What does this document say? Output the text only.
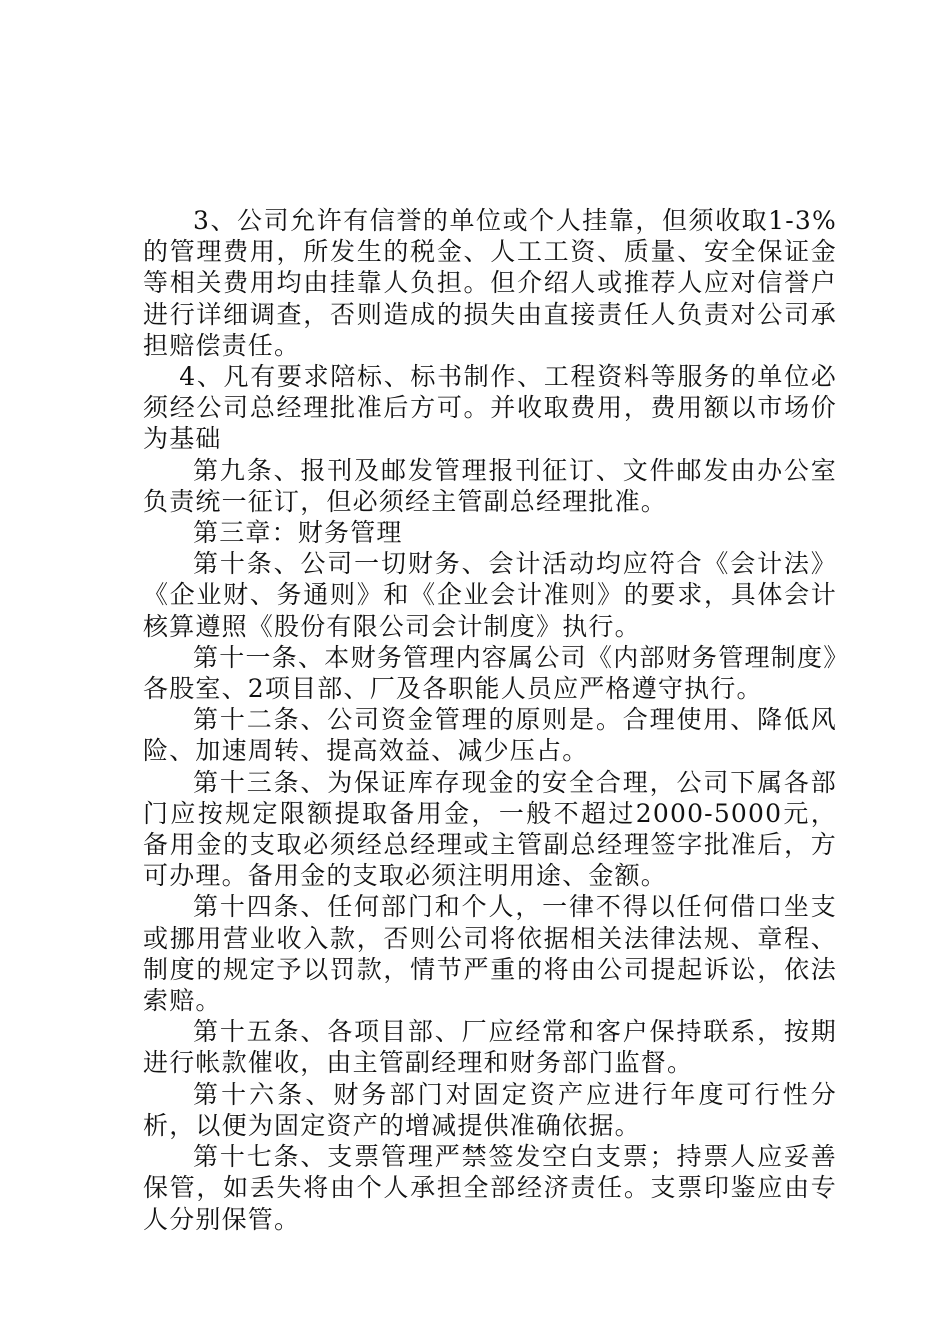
3、公司允许有信誉的单位或个人挂靠，但须收取1-3%的管理费用，所发生的税金、人工工资、质量、安全保证金等相关费用均由挂靠人负担。但介绍人或推荐人应对信誉户进行详细调查，否则造成的损失由直接责任人负责对公司承担赔偿责任。

4、凡有要求陪标、标书制作、工程资料等服务的单位必须经公司总经理批准后方可。并收取费用，费用额以市场价为基础

第九条、报刊及邮发管理报刊征订、文件邮发由办公室负责统一征订，但必须经主管副总经理批准。

第三章：财务管理

第十条、公司一切财务、会计活动均应符合《会计法》《企业财、务通则》和《企业会计准则》的要求，具体会计核算遵照《股份有限公司会计制度》执行。

第十一条、本财务管理内容属公司《内部财务管理制度》各股室、2项目部、厂及各职能人员应严格遵守执行。

第十二条、公司资金管理的原则是。合理使用、降低风险、加速周转、提高效益、减少压占。

第十三条、为保证库存现金的安全合理，公司下属各部门应按规定限额提取备用金，一般不超过2000-5000元，备用金的支取必须经总经理或主管副总经理签字批准后，方可办理。备用金的支取必须注明用途、金额。

第十四条、任何部门和个人，一律不得以任何借口坐支或挪用营业收入款，否则公司将依据相关法律法规、章程、制度的规定予以罚款，情节严重的将由公司提起诉讼，依法索赔。

第十五条、各项目部、厂应经常和客户保持联系，按期进行帐款催收，由主管副经理和财务部门监督。

第十六条、财务部门对固定资产应进行年度可行性分析，以便为固定资产的增减提供准确依据。

第十七条、支票管理严禁签发空白支票；持票人应妥善保管，如丢失将由个人承担全部经济责任。支票印鉴应由专人分别保管。
